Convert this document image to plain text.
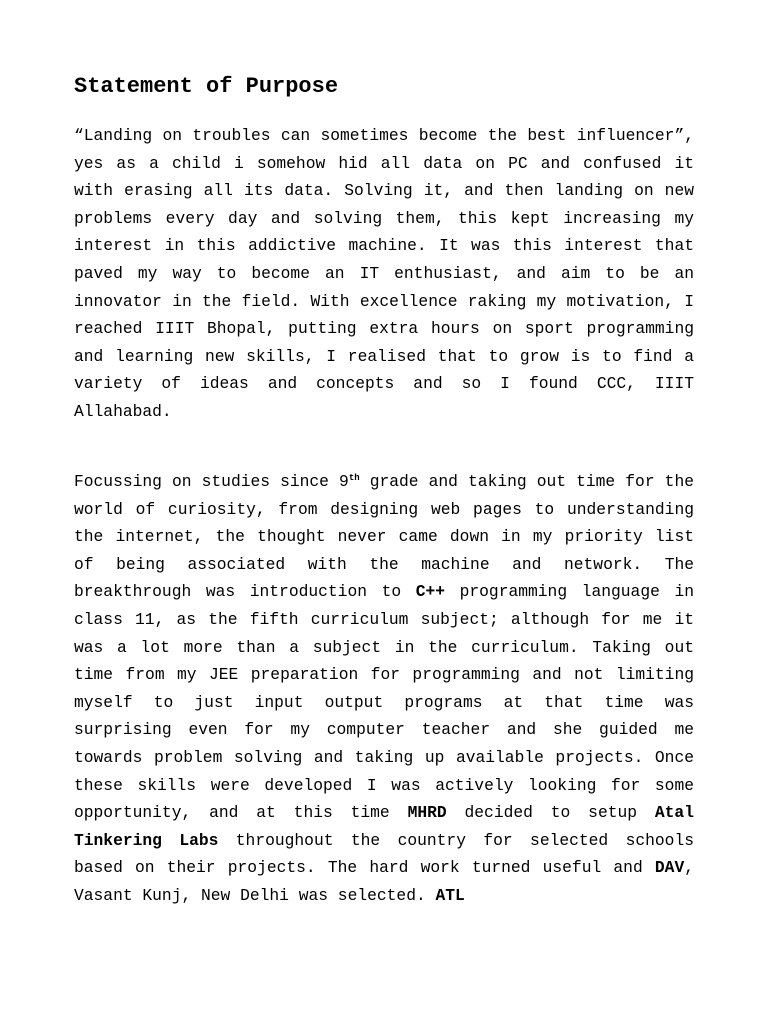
Statement of Purpose

“Landing on troubles can sometimes become the best influencer”, yes as a child i somehow hid all data on PC and confused it with erasing all its data. Solving it, and then landing on new problems every day and solving them, this kept increasing my interest in this addictive machine. It was this interest that paved my way to become an IT enthusiast, and aim to be an innovator in the field. With excellence raking my motivation, I reached IIIT Bhopal, putting extra hours on sport programming and learning new skills, I realised that to grow is to find a variety of ideas and concepts and so I found CCC, IIIT Allahabad.

Focussing on studies since 9th grade and taking out time for the world of curiosity, from designing web pages to understanding the internet, the thought never came down in my priority list of being associated with the machine and network. The breakthrough was introduction to C++ programming language in class 11, as the fifth curriculum subject; although for me it was a lot more than a subject in the curriculum. Taking out time from my JEE preparation for programming and not limiting myself to just input output programs at that time was surprising even for my computer teacher and she guided me towards problem solving and taking up available projects. Once these skills were developed I was actively looking for some opportunity, and at this time MHRD decided to setup Atal Tinkering Labs throughout the country for selected schools based on their projects. The hard work turned useful and DAV, Vasant Kunj, New Delhi was selected. ATL
